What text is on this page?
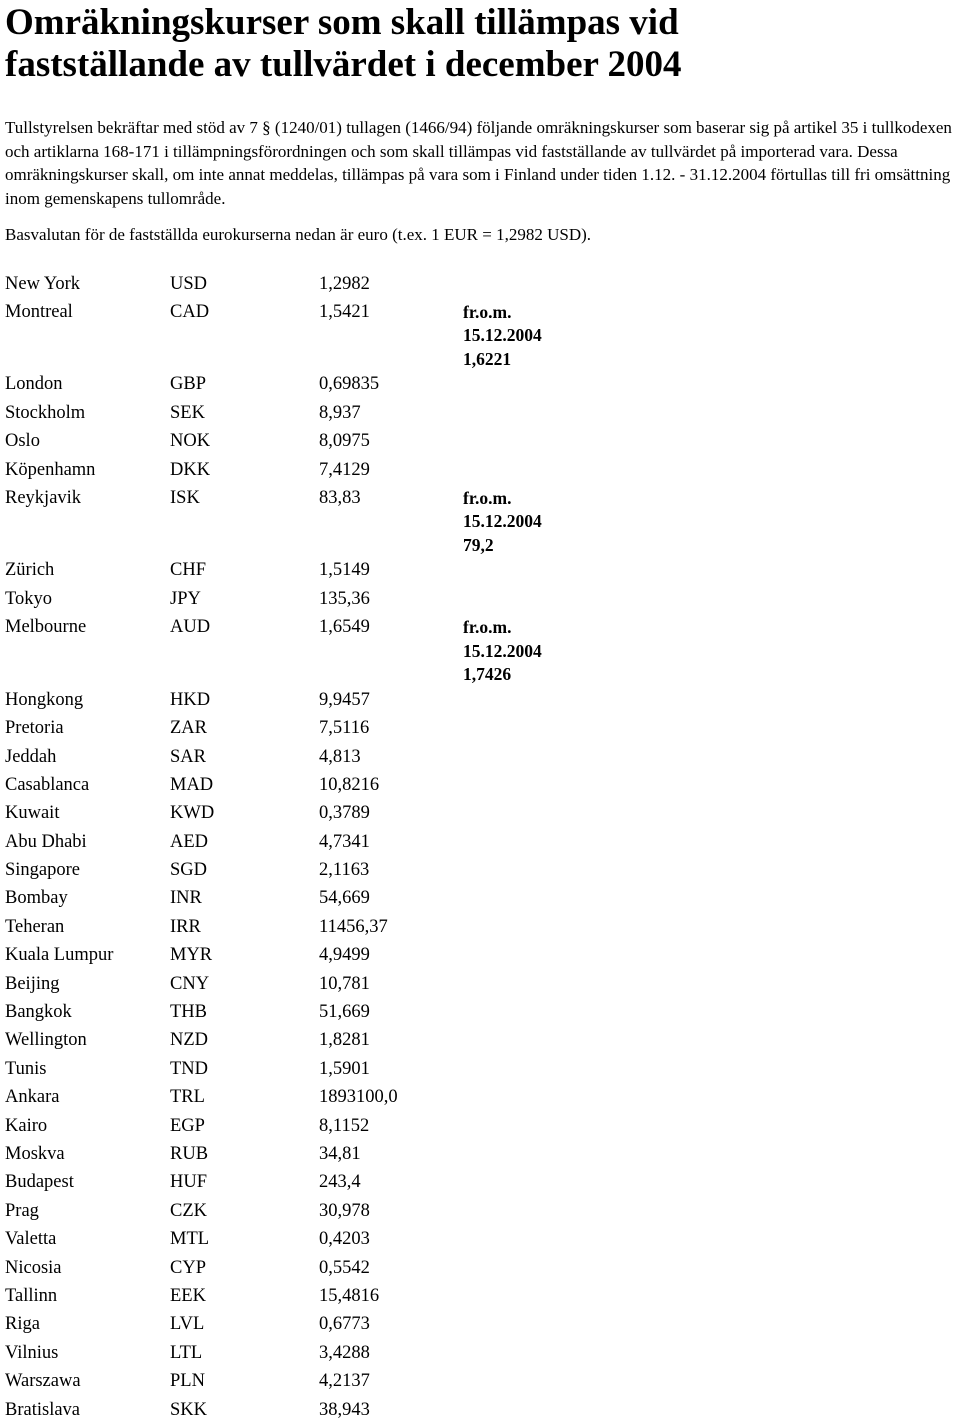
Omräkningskurser som skall tillämpas vid
fastställande av tullvärdet i december 2004

Tullstyrelsen bekräftar med stöd av 7 § (1240/01) tullagen (1466/94) följande omräkningskurser som baserar sig på artikel 35 i tullkodexen och artiklarna 168-171 i tillämpningsförordningen och som skall tillämpas vid fastställande av tullvärdet på importerad vara. Dessa omräkningskurser skall, om inte annat meddelas, tillämpas på vara som i Finland under tiden 1.12. - 31.12.2004 förtullas till fri omsättning inom gemenskapens tullområde.

Basvalutan för de fastställda eurokurserna nedan är euro (t.ex. 1 EUR = 1,2982 USD).

New York	USD	1,2982	
Montreal	CAD	1,5421	fr.o.m.
15.12.2004
1,6221

London	GBP	0,69835	
Stockholm	SEK	8,937	
Oslo	NOK	8,0975	
Köpenhamn	DKK	7,4129	
Reykjavik	ISK	83,83	fr.o.m.
15.12.2004
79,2

Zürich	CHF	1,5149	
Tokyo	JPY	135,36	
Melbourne	AUD	1,6549	fr.o.m.
15.12.2004
1,7426

Hongkong	HKD	9,9457	
Pretoria	ZAR	7,5116	
Jeddah	SAR	4,813	
Casablanca	MAD	10,8216	
Kuwait	KWD	0,3789	
Abu Dhabi	AED	4,7341	
Singapore	SGD	2,1163	
Bombay	INR	54,669	
Teheran	IRR	11456,37	
Kuala Lumpur	MYR	4,9499	
Beijing	CNY	10,781	
Bangkok	THB	51,669	
Wellington	NZD	1,8281	
Tunis	TND	1,5901	
Ankara	TRL	1893100,0	
Kairo	EGP	8,1152	
Moskva	RUB	34,81	
Budapest	HUF	243,4	
Prag	CZK	30,978	
Valetta	MTL	0,4203	
Nicosia	CYP	0,5542	
Tallinn	EEK	15,4816	
Riga	LVL	0,6773	
Vilnius	LTL	3,4288	
Warszawa	PLN	4,2137	
Bratislava	SKK	38,943	
